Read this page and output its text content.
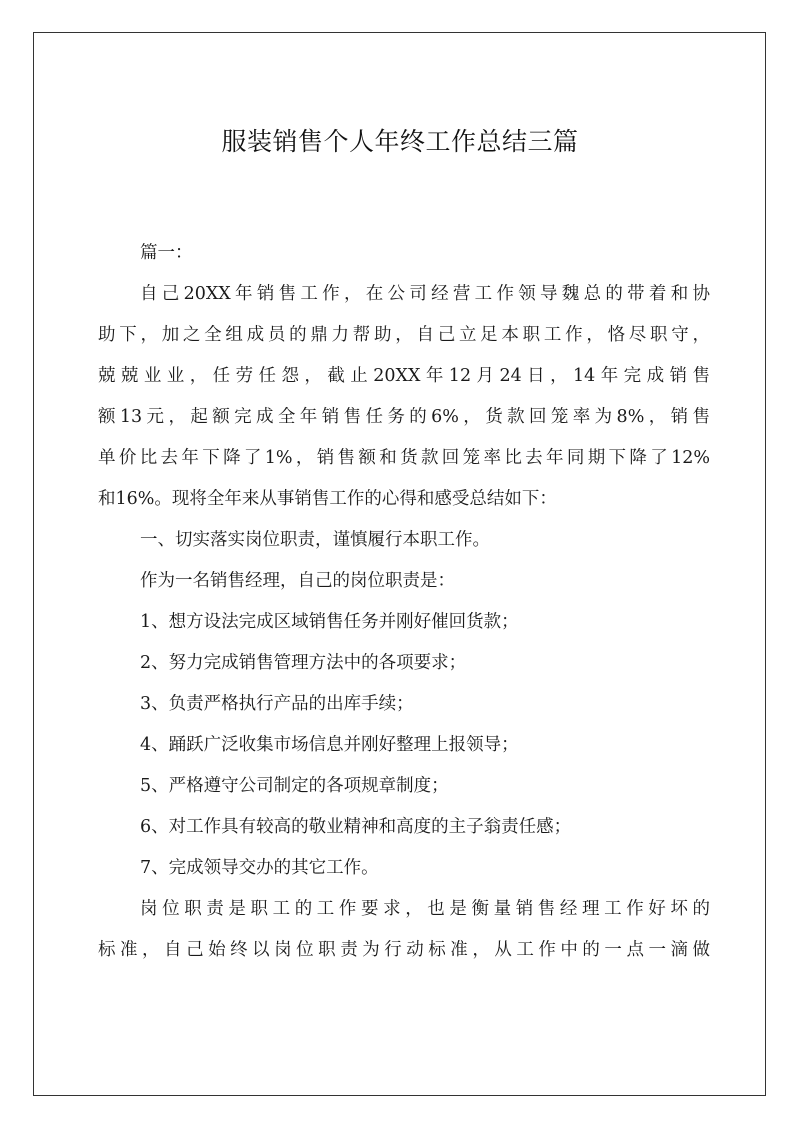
服装销售个人年终工作总结三篇
篇一：
自己20XX年销售工作，在公司经营工作领导魏总的带着和协
助下，加之全组成员的鼎力帮助，自己立足本职工作，恪尽职守，
兢兢业业，任劳任怨，截止20XX年12月24日，14年完成销售
额13元，起额完成全年销售任务的6%，货款回笼率为8%，销售
单价比去年下降了1%，销售额和货款回笼率比去年同期下降了12%
和16%。现将全年来从事销售工作的心得和感受总结如下：
一、切实落实岗位职责，谨慎履行本职工作。
作为一名销售经理，自己的岗位职责是：
1、想方设法完成区域销售任务并刚好催回货款；
2、努力完成销售管理方法中的各项要求；
3、负责严格执行产品的出库手续；
4、踊跃广泛收集市场信息并刚好整理上报领导；
5、严格遵守公司制定的各项规章制度；
6、对工作具有较高的敬业精神和高度的主子翁责任感；
7、完成领导交办的其它工作。
岗位职责是职工的工作要求，也是衡量销售经理工作好坏的
标准，自己始终以岗位职责为行动标准，从工作中的一点一滴做
